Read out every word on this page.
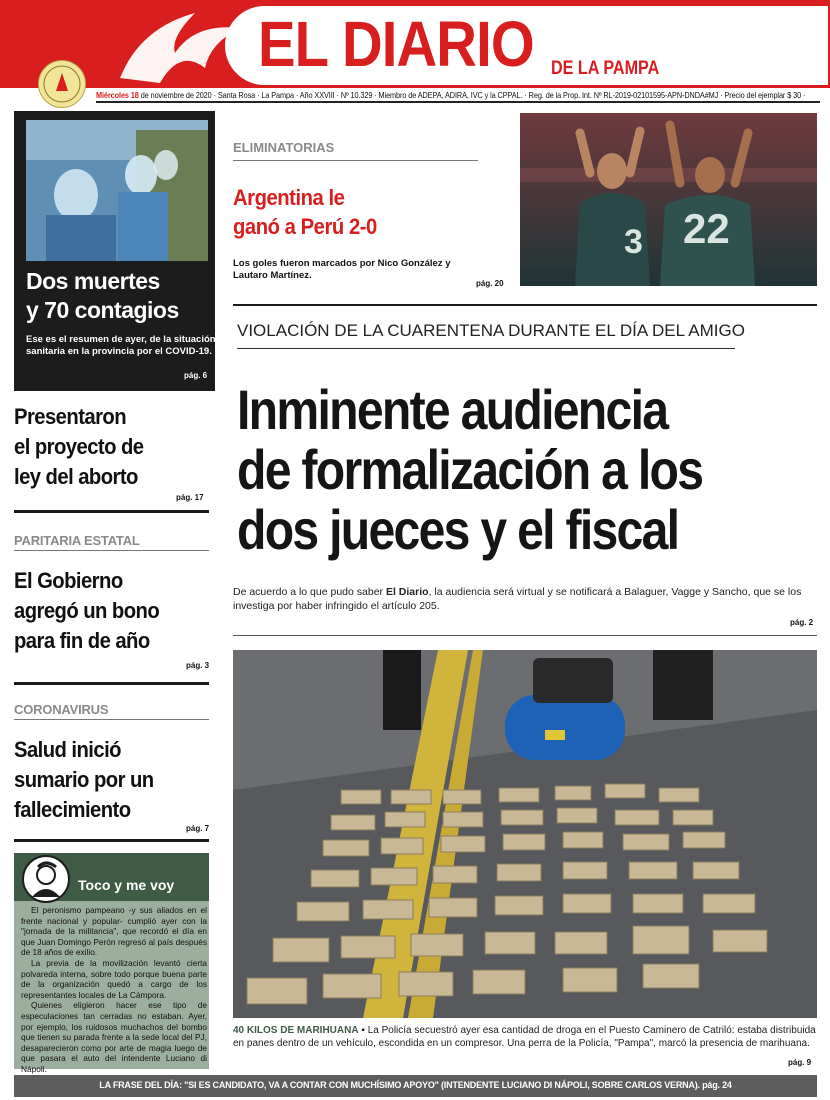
EL DIARIO DE LA PAMPA
Miércoles 18 de noviembre de 2020 · Santa Rosa · La Pampa · Año XXVIII · Nº 10.329 · Miembro de ADEPA, ADIRA, IVC y la CPPAL. · Reg. de la Prop. Int. Nº RL-2019-02101595-APN-DNDA#MJ · Precio del ejemplar $ 30 ·
Dos muertes
y 70 contagios
Ese es el resumen de ayer, de la situación sanitaria en la provincia por el COVID-19.
pág. 6
Presentaron
el proyecto de
ley del aborto
pág. 17
PARITARIA ESTATAL
El Gobierno
agregó un bono
para fin de año
pág. 3
CORONAVIRUS
Salud inició
sumario por un
fallecimiento
pág. 7
Toco y me voy

El peronismo pampeano -y sus aliados en el frente nacional y popular- cumplió ayer con la "jornada de la militancia", que recordó el día en que Juan Domingo Perón regresó al país después de 18 años de exilio.

La previa de la movilización levantó cierta polvareda interna, sobre todo porque buena parte de la organización quedó a cargo de los representantes locales de La Cámpora.

Quienes eligieron hacer ese tipo de especulaciones tan cerradas no estaban. Ayer, por ejemplo, los ruidosos muchachos del bombo que tienen su parada frente a la sede local del PJ, desaparecieron como por arte de magia luego de que pasara el auto del intendente Luciano di Nápoli.

ELIMINATORIAS
Argentina le
ganó a Perú 2-0
Los goles fueron marcados por Nico González y Lautaro Martínez.
pág. 20
3 22
VIOLACIÓN DE LA CUARENTENA DURANTE EL DÍA DEL AMIGO
Inminente audiencia
de formalización a los
dos jueces y el fiscal
De acuerdo a lo que pudo saber El Diario, la audiencia será virtual y se notificará a Balaguer, Vagge y Sancho, que se los investiga por haber infringido el artículo 205.
pág. 2
40 KILOS DE MARIHUANA ▪ La Policía secuestró ayer esa cantidad de droga en el Puesto Caminero de Catriló: estaba distribuida en panes dentro de un vehículo, escondida en un compresor. Una perra de la Policía, "Pampa", marcó la presencia de marihuana.
pág. 9
LA FRASE DEL DÍA: "SI ES CANDIDATO, VA A CONTAR CON MUCHÍSIMO APOYO" (INTENDENTE LUCIANO DI NÁPOLI, SOBRE CARLOS VERNA). pág. 24
